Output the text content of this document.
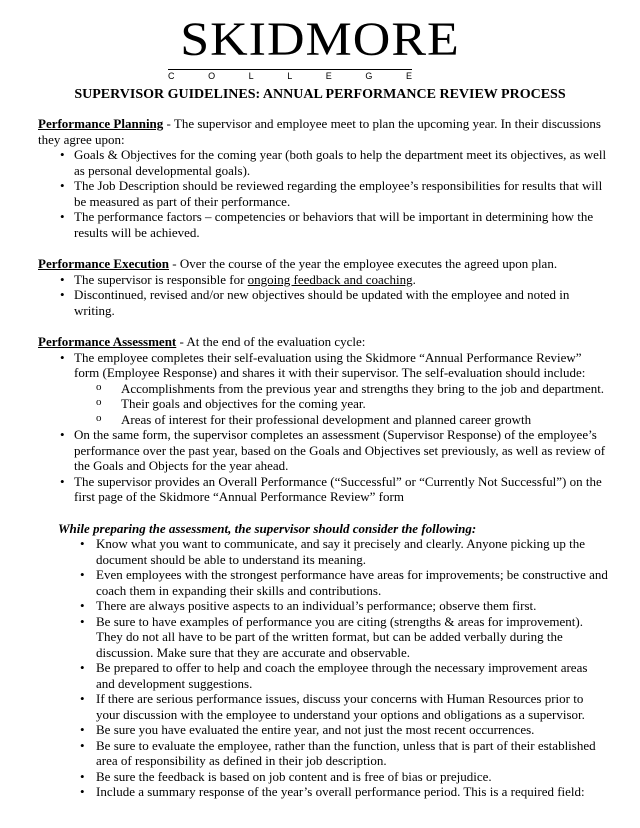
SKIDMORE
C	O	L	L	E	G	E
SUPERVISOR GUIDELINES: ANNUAL PERFORMANCE REVIEW PROCESS

Performance Planning - The supervisor and employee meet to plan the upcoming year. In their discussions they agree upon:

• Goals & Objectives for the coming year (both goals to help the department meet its objectives, as well as personal developmental goals).
• The Job Description should be reviewed regarding the employee’s responsibilities for results that will be measured as part of their performance.
• The performance factors – competencies or behaviors that will be important in determining how the results will be achieved.

Performance Execution - Over the course of the year the employee executes the agreed upon plan.

• The supervisor is responsible for ongoing feedback and coaching.
• Discontinued, revised and/or new objectives should be updated with the employee and noted in writing.

Performance Assessment - At the end of the evaluation cycle:

• The employee completes their self-evaluation using the Skidmore “Annual Performance Review” form (Employee Response) and shares it with their supervisor. The self-evaluation should include:
o Accomplishments from the previous year and strengths they bring to the job and department.
o Their goals and objectives for the coming year.
o Areas of interest for their professional development and planned career growth
• On the same form, the supervisor completes an assessment (Supervisor Response) of the employee’s performance over the past year, based on the Goals and Objectives set previously, as well as review of the Goals and Objects for the year ahead.
• The supervisor provides an Overall Performance (“Successful” or “Currently Not Successful”) on the first page of the Skidmore “Annual Performance Review” form

While preparing the assessment, the supervisor should consider the following:

• Know what you want to communicate, and say it precisely and clearly. Anyone picking up the document should be able to understand its meaning.
• Even employees with the strongest performance have areas for improvements; be constructive and coach them in expanding their skills and contributions.
• There are always positive aspects to an individual’s performance; observe them first.
• Be sure to have examples of performance you are citing (strengths & areas for improvement). They do not all have to be part of the written format, but can be added verbally during the discussion. Make sure that they are accurate and observable.
• Be prepared to offer to help and coach the employee through the necessary improvement areas and development suggestions.
• If there are serious performance issues, discuss your concerns with Human Resources prior to your discussion with the employee to understand your options and obligations as a supervisor.
• Be sure you have evaluated the entire year, and not just the most recent occurrences.
• Be sure to evaluate the employee, rather than the function, unless that is part of their established area of responsibility as defined in their job description.
• Be sure the feedback is based on job content and is free of bias or prejudice.
• Include a summary response of the year’s overall performance period. This is a required field:
